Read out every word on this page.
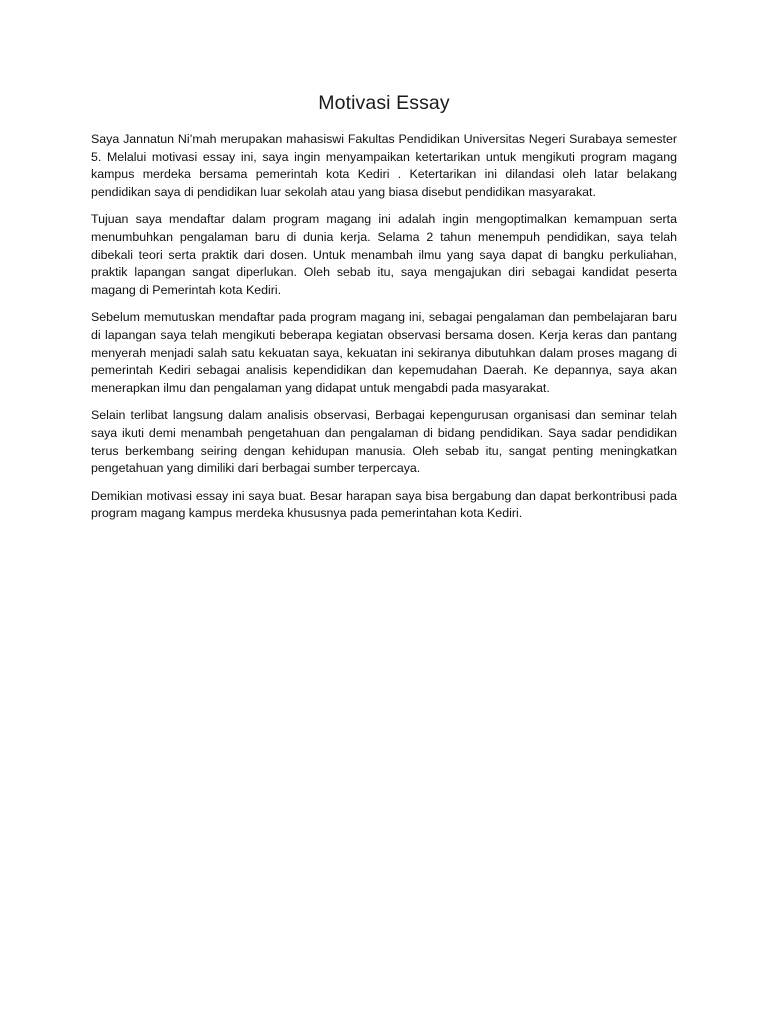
Motivasi Essay

Saya Jannatun Ni’mah merupakan mahasiswi Fakultas Pendidikan Universitas Negeri Surabaya semester 5. Melalui motivasi essay ini, saya ingin menyampaikan ketertarikan untuk mengikuti program magang kampus merdeka bersama pemerintah kota Kediri . Ketertarikan ini dilandasi oleh latar belakang pendidikan saya di pendidikan luar sekolah atau yang biasa disebut pendidikan masyarakat.

Tujuan saya mendaftar dalam program magang ini adalah ingin mengoptimalkan kemampuan serta menumbuhkan pengalaman baru di dunia kerja. Selama 2 tahun menempuh pendidikan, saya telah dibekali teori serta praktik dari dosen. Untuk menambah ilmu yang saya dapat di bangku perkuliahan, praktik lapangan sangat diperlukan. Oleh sebab itu, saya mengajukan diri sebagai kandidat peserta magang di Pemerintah kota Kediri.

Sebelum memutuskan mendaftar pada program magang ini, sebagai pengalaman dan pembelajaran baru di lapangan saya telah mengikuti beberapa kegiatan observasi bersama dosen. Kerja keras dan pantang menyerah menjadi salah satu kekuatan saya, kekuatan ini sekiranya dibutuhkan dalam proses magang di pemerintah Kediri sebagai analisis kependidikan dan kepemudahan Daerah. Ke depannya, saya akan menerapkan ilmu dan pengalaman yang didapat untuk mengabdi pada masyarakat.

Selain terlibat langsung dalam analisis observasi, Berbagai kepengurusan organisasi dan seminar telah saya ikuti demi menambah pengetahuan dan pengalaman di bidang pendidikan. Saya sadar pendidikan terus berkembang seiring dengan kehidupan manusia. Oleh sebab itu, sangat penting meningkatkan pengetahuan yang dimiliki dari berbagai sumber terpercaya.

Demikian motivasi essay ini saya buat. Besar harapan saya bisa bergabung dan dapat berkontribusi pada program magang kampus merdeka khususnya pada pemerintahan kota Kediri.
